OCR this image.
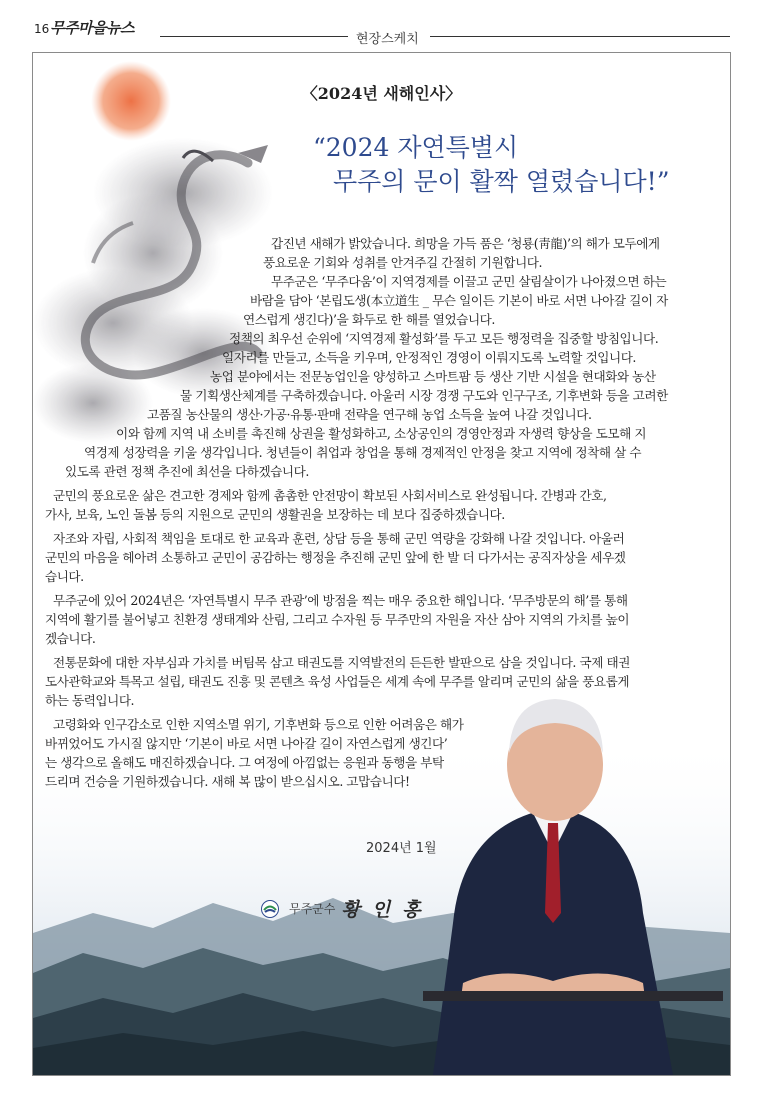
16 무주마을뉴스
현장스케치
〈2024년 새해인사〉
“2024 자연특별시
무주의 문이 활짝 열렸습니다!”
갑진년 새해가 밝았습니다. 희망을 가득 품은 ‘청룡(靑龍)’의 해가 모두에게
풍요로운 기회와 성취를 안겨주길 간절히 기원합니다.
무주군은 ‘무주다움’이 지역경제를 이끌고 군민 살림살이가 나아졌으면 하는
바람을 담아 ‘본립도생(本立道生 _ 무슨 일이든 기본이 바로 서면 나아갈 길이 자
연스럽게 생긴다)’을 화두로 한 해를 열었습니다.
정책의 최우선 순위에 ‘지역경제 활성화’를 두고 모든 행정력을 집중할 방침입니다.
일자리를 만들고, 소득을 키우며, 안정적인 경영이 이뤄지도록 노력할 것입니다.
농업 분야에서는 전문농업인을 양성하고 스마트팜 등 생산 기반 시설을 현대화와 농산
물 기획생산체계를 구축하겠습니다. 아울러 시장 경쟁 구도와 인구구조, 기후변화 등을 고려한
고품질 농산물의 생산·가공·유통·판매 전략을 연구해 농업 소득을 높여 나갈 것입니다.
이와 함께 지역 내 소비를 촉진해 상권을 활성화하고, 소상공인의 경영안정과 자생력 향상을 도모해 지
역경제 성장력을 키울 생각입니다. 청년들이 취업과 창업을 통해 경제적인 안정을 찾고 지역에 정착해 살 수
있도록 관련 정책 추진에 최선을 다하겠습니다.
군민의 풍요로운 삶은 견고한 경제와 함께 촘촘한 안전망이 확보된 사회서비스로 완성됩니다. 간병과 간호,
가사, 보육, 노인 돌봄 등의 지원으로 군민의 생활권을 보장하는 데 보다 집중하겠습니다.
자조와 자립, 사회적 책임을 토대로 한 교육과 훈련, 상담 등을 통해 군민 역량을 강화해 나갈 것입니다. 아울러
군민의 마음을 헤아려 소통하고 군민이 공감하는 행정을 추진해 군민 앞에 한 발 더 다가서는 공직자상을 세우겠
습니다.
무주군에 있어 2024년은 ‘자연특별시 무주 관광’에 방점을 찍는 매우 중요한 해입니다. ‘무주방문의 해’를 통해
지역에 활기를 불어넣고 친환경 생태계와 산림, 그리고 수자원 등 무주만의 자원을 자산 삼아 지역의 가치를 높이
겠습니다.
전통문화에 대한 자부심과 가치를 버팀목 삼고 태권도를 지역발전의 든든한 발판으로 삼을 것입니다. 국제 태권
도사관학교와 특목고 설립, 태권도 진흥 및 콘텐츠 육성 사업들은 세계 속에 무주를 알리며 군민의 삶을 풍요롭게
하는 동력입니다.
고령화와 인구감소로 인한 지역소멸 위기, 기후변화 등으로 인한 어려움은 해가
바뀌었어도 가시질 않지만 ‘기본이 바로 서면 나아갈 길이 자연스럽게 생긴다’
는 생각으로 올해도 매진하겠습니다. 그 여정에 아낌없는 응원과 동행을 부탁
드리며 건승을 기원하겠습니다. 새해 복 많이 받으십시오. 고맙습니다!
2024년 1월
무주군수 황인홍
